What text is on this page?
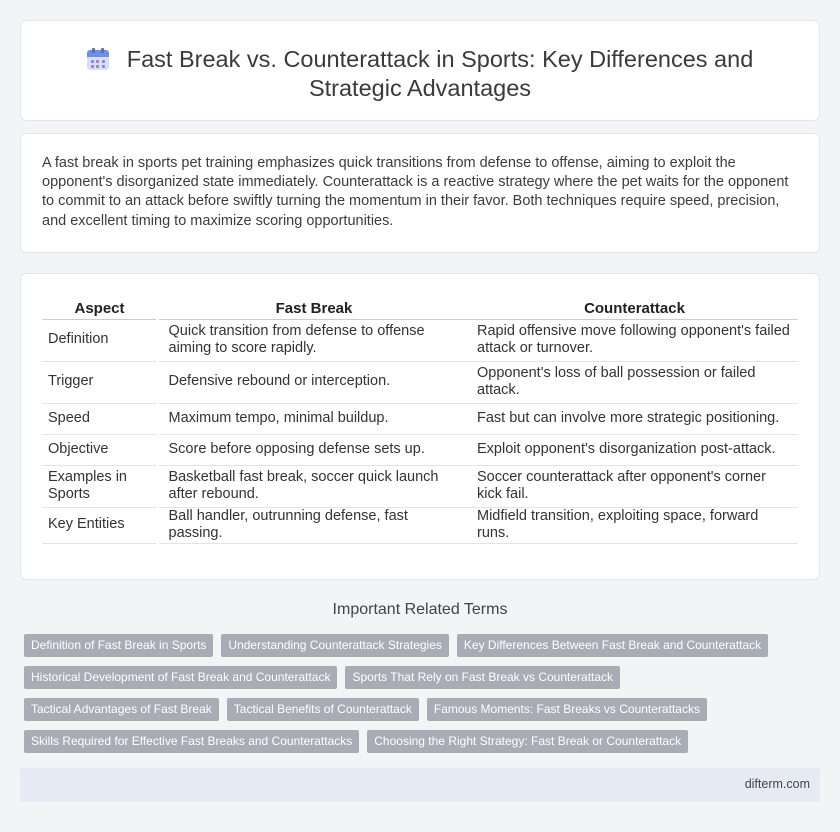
Fast Break vs. Counterattack in Sports: Key Differences and
Strategic Advantages

A fast break in sports pet training emphasizes quick transitions from defense to offense, aiming to exploit the opponent's disorganized state immediately. Counterattack is a reactive strategy where the pet waits for the opponent to commit to an attack before swiftly turning the momentum in their favor. Both techniques require speed, precision, and excellent timing to maximize scoring opportunities.

Aspect	Fast Break	Counterattack
Definition	Quick transition from defense to offense aiming to score rapidly.	Rapid offensive move following opponent's failed attack or turnover.
Trigger	Defensive rebound or interception.	Opponent's loss of ball possession or failed attack.
Speed	Maximum tempo, minimal buildup.	Fast but can involve more strategic positioning.
Objective	Score before opposing defense sets up.	Exploit opponent's disorganization post-attack.
Examples in Sports	Basketball fast break, soccer quick launch after rebound.	Soccer counterattack after opponent's corner kick fail.
Key Entities	Ball handler, outrunning defense, fast passing.	Midfield transition, exploiting space, forward runs.
Important Related Terms
Definition of Fast Break in Sports	Understanding Counterattack Strategies	Key Differences Between Fast Break and Counterattack
Historical Development of Fast Break and Counterattack	Sports That Rely on Fast Break vs Counterattack
Tactical Advantages of Fast Break	Tactical Benefits of Counterattack	Famous Moments: Fast Breaks vs Counterattacks
Skills Required for Effective Fast Breaks and Counterattacks	Choosing the Right Strategy: Fast Break or Counterattack
difterm.com
